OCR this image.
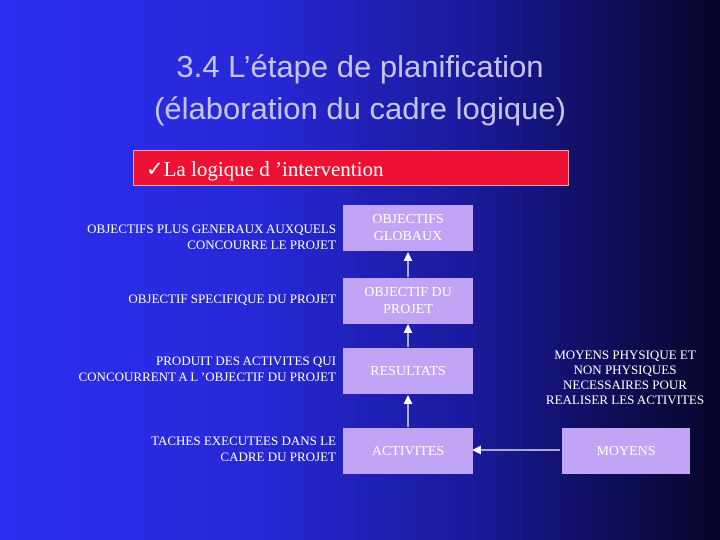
3.4 L’étape de planification
(élaboration du cadre logique)
✓La logique d ’intervention
OBJECTIFS PLUS GENERAUX AUXQUELS
CONCOURRE LE PROJET
OBJECTIF SPECIFIQUE DU PROJET
PRODUIT DES ACTIVITES QUI
CONCOURRENT A L ’OBJECTIF DU PROJET
TACHES EXECUTEES DANS LE
CADRE DU PROJET
OBJECTIFS
GLOBAUX
OBJECTIF DU
PROJET
RESULTATS
ACTIVITES
MOYENS PHYSIQUE ET
NON PHYSIQUES
NECESSAIRES POUR
REALISER LES ACTIVITES
MOYENS
